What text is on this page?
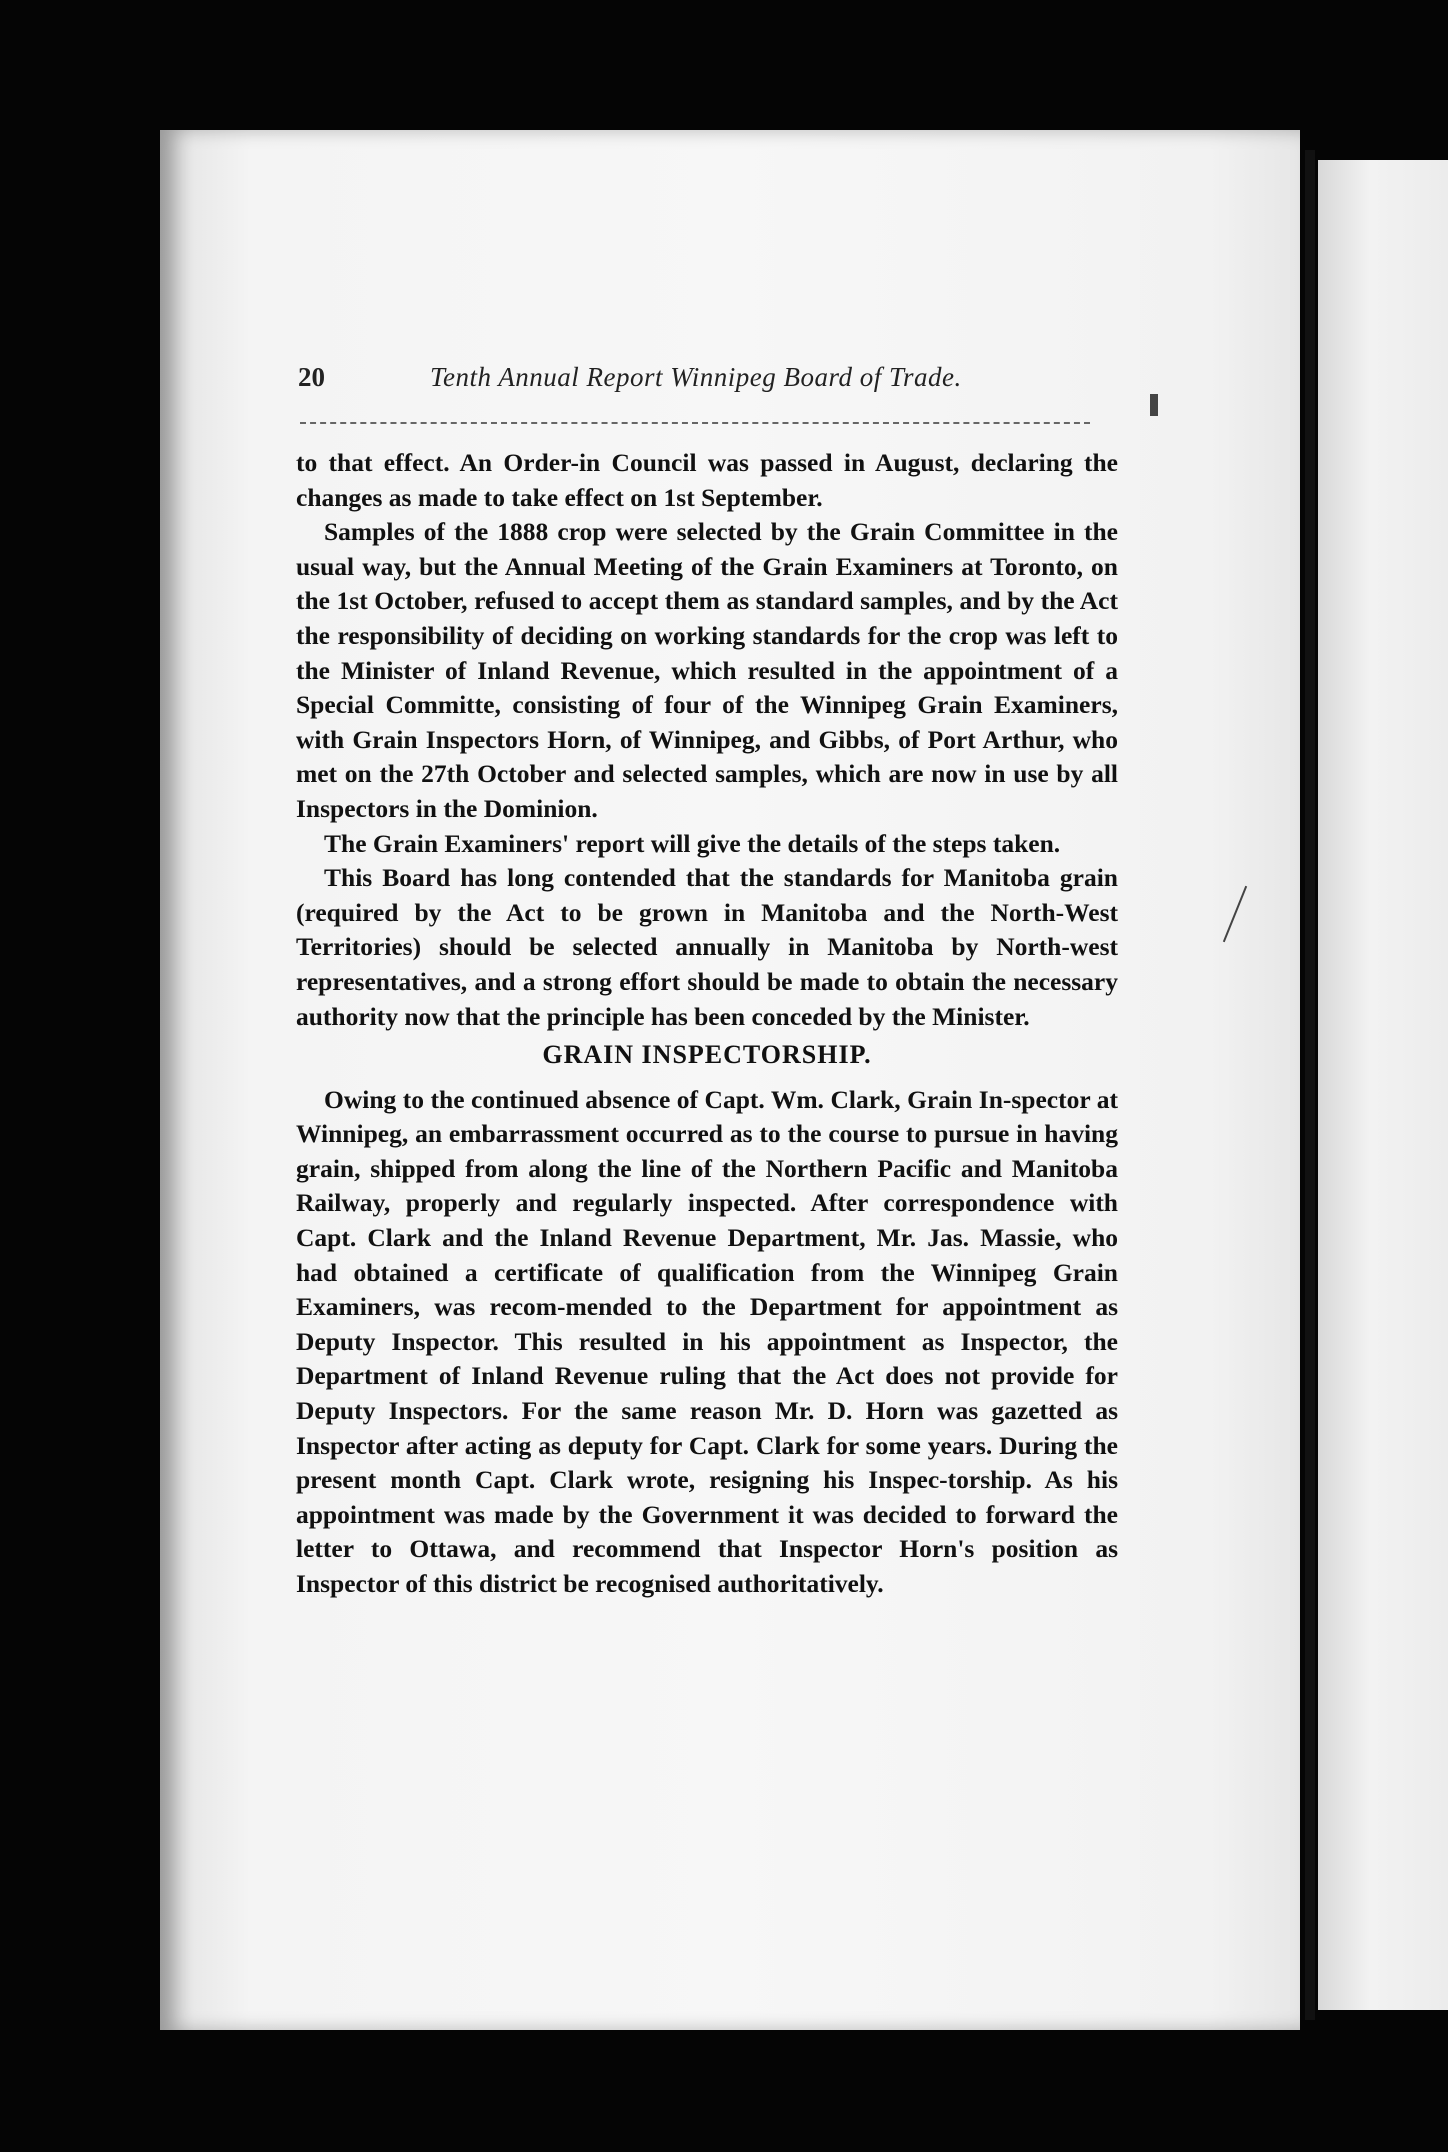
20	Tenth Annual Report Winnipeg Board of Trade.

to that effect. An Order-in Council was passed in August, declaring the changes as made to take effect on 1st September.

Samples of the 1888 crop were selected by the Grain Committee in the usual way, but the Annual Meeting of the Grain Examiners at Toronto, on the 1st October, refused to accept them as standard samples, and by the Act the responsibility of deciding on working standards for the crop was left to the Minister of Inland Revenue, which resulted in the appointment of a Special Committe, consisting of four of the Winnipeg Grain Examiners, with Grain Inspectors Horn, of Winnipeg, and Gibbs, of Port Arthur, who met on the 27th October and selected samples, which are now in use by all Inspectors in the Dominion.

The Grain Examiners' report will give the details of the steps taken.

This Board has long contended that the standards for Manitoba grain (required by the Act to be grown in Manitoba and the North-West Territories) should be selected annually in Manitoba by North-west representatives, and a strong effort should be made to obtain the necessary authority now that the principle has been conceded by the Minister.

GRAIN INSPECTORSHIP.

Owing to the continued absence of Capt. Wm. Clark, Grain In-spector at Winnipeg, an embarrassment occurred as to the course to pursue in having grain, shipped from along the line of the Northern Pacific and Manitoba Railway, properly and regularly inspected. After correspondence with Capt. Clark and the Inland Revenue Department, Mr. Jas. Massie, who had obtained a certificate of qualification from the Winnipeg Grain Examiners, was recom-mended to the Department for appointment as Deputy Inspector. This resulted in his appointment as Inspector, the Department of Inland Revenue ruling that the Act does not provide for Deputy Inspectors. For the same reason Mr. D. Horn was gazetted as Inspector after acting as deputy for Capt. Clark for some years. During the present month Capt. Clark wrote, resigning his Inspec-torship. As his appointment was made by the Government it was decided to forward the letter to Ottawa, and recommend that Inspector Horn's position as Inspector of this district be recognised authoritatively.
